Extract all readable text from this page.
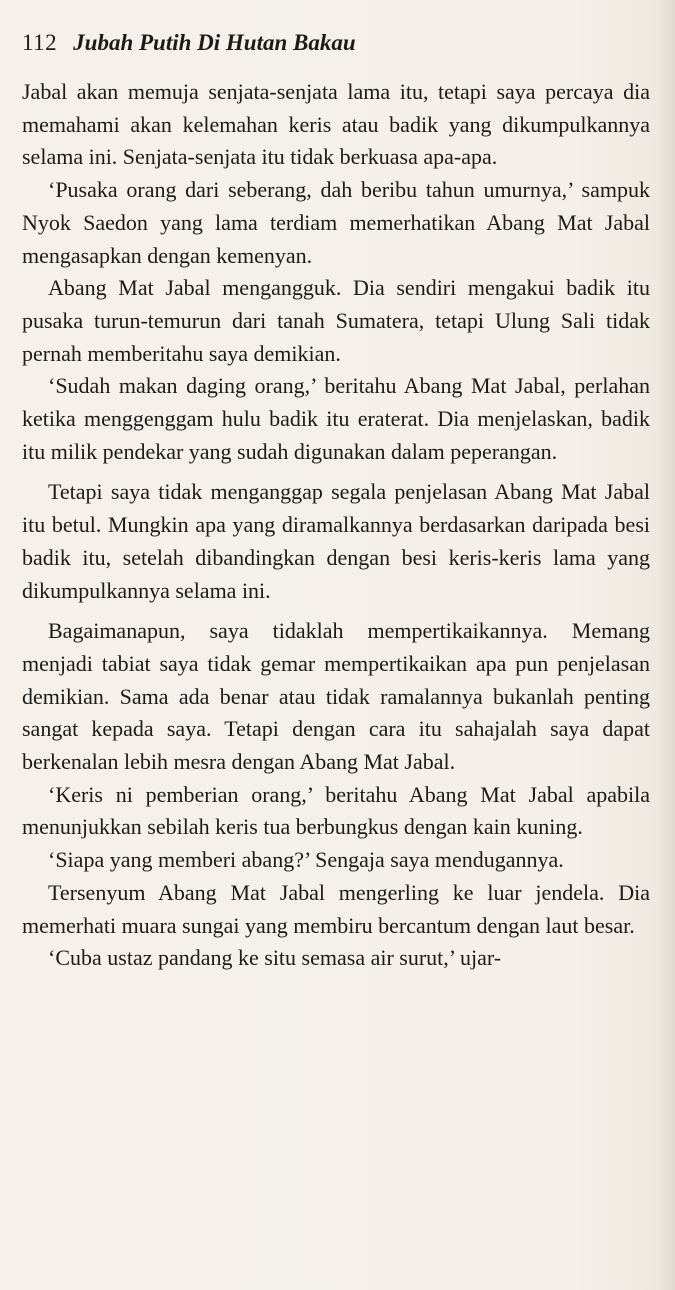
112 Jubah Putih Di Hutan Bakau

Jabal akan memuja senjata-senjata lama itu, tetapi saya percaya dia memahami akan kelemahan keris atau badik yang dikumpulkannya selama ini. Senjata-senjata itu tidak berkuasa apa-apa.

‘Pusaka orang dari seberang, dah beribu tahun umurnya,’ sampuk Nyok Saedon yang lama terdiam memerhatikan Abang Mat Jabal mengasapkan dengan kemenyan.

Abang Mat Jabal mengangguk. Dia sendiri mengakui badik itu pusaka turun-temurun dari tanah Sumatera, tetapi Ulung Sali tidak pernah memberitahu saya demikian.

‘Sudah makan daging orang,’ beritahu Abang Mat Jabal, perlahan ketika menggenggam hulu badik itu eraterat. Dia menjelaskan, badik itu milik pendekar yang sudah digunakan dalam peperangan.

Tetapi saya tidak menganggap segala penjelasan Abang Mat Jabal itu betul. Mungkin apa yang diramalkannya berdasarkan daripada besi badik itu, setelah dibandingkan dengan besi keris-keris lama yang dikumpulkannya selama ini.

Bagaimanapun, saya tidaklah mempertikaikannya. Memang menjadi tabiat saya tidak gemar mempertikaikan apa pun penjelasan demikian. Sama ada benar atau tidak ramalannya bukanlah penting sangat kepada saya. Tetapi dengan cara itu sahajalah saya dapat berkenalan lebih mesra dengan Abang Mat Jabal.

‘Keris ni pemberian orang,’ beritahu Abang Mat Jabal apabila menunjukkan sebilah keris tua berbungkus dengan kain kuning.

‘Siapa yang memberi abang?’ Sengaja saya mendugannya.

Tersenyum Abang Mat Jabal mengerling ke luar jendela. Dia memerhati muara sungai yang membiru bercantum dengan laut besar.

‘Cuba ustaz pandang ke situ semasa air surut,’ ujar-
